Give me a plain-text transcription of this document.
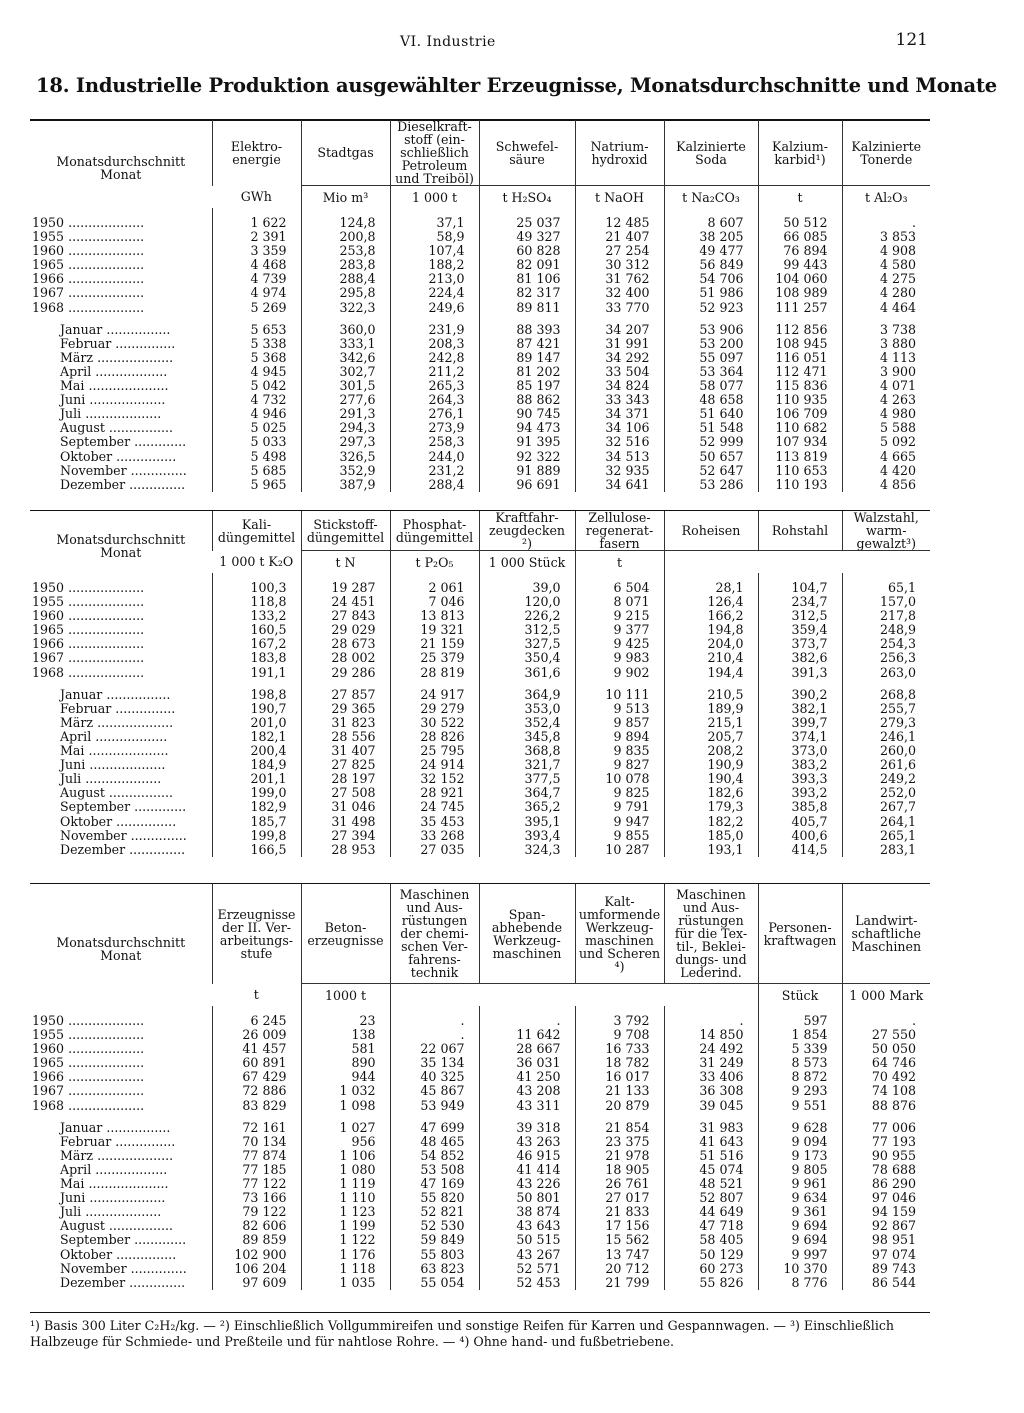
VI. Industrie	121
18. Industrielle Produktion ausgewählter Erzeugnisse, Monatsdurchschnitte und Monate
Monatsdurchschnitt
Monat	Elektro-energie	Stadtgas	Dieselkraft-stoff (ein-schließlich Petroleum und Treiböl)	Schwefel-säure	Natrium-hydroxid	Kalzinierte Soda	Kalzium-karbid¹)	Kalzinierte Tonerde
	GWh	Mio m³	1 000 t	t H₂SO₄	t NaOH	t Na₂CO₃	t	t Al₂O₃

1950 ...................	1 622	124,8	37,1	25 037	12 485	8 607	50 512	.
1955 ...................	2 391	200,8	58,9	49 327	21 407	38 205	66 085	3 853
1960 ...................	3 359	253,8	107,4	60 828	27 254	49 477	76 894	4 908
1965 ...................	4 468	283,8	188,2	82 091	30 312	56 849	99 443	4 580
1966 ...................	4 739	288,4	213,0	81 106	31 762	54 706	104 060	4 275
1967 ...................	4 974	295,8	224,4	82 317	32 400	51 986	108 989	4 280
1968 ...................	5 269	322,3	249,6	89 811	33 770	52 923	111 257	4 464

Januar ................	5 653	360,0	231,9	88 393	34 207	53 906	112 856	3 738
Februar ...............	5 338	333,1	208,3	87 421	31 991	53 200	108 945	3 880
März ...................	5 368	342,6	242,8	89 147	34 292	55 097	116 051	4 113
April ..................	4 945	302,7	211,2	81 202	33 504	53 364	112 471	3 900
Mai ....................	5 042	301,5	265,3	85 197	34 824	58 077	115 836	4 071
Juni ...................	4 732	277,6	264,3	88 862	33 343	48 658	110 935	4 263
Juli ...................	4 946	291,3	276,1	90 745	34 371	51 640	106 709	4 980
August ................	5 025	294,3	273,9	94 473	34 106	51 548	110 682	5 588
September .............	5 033	297,3	258,3	91 395	32 516	52 999	107 934	5 092
Oktober ...............	5 498	326,5	244,0	92 322	34 513	50 657	113 819	4 665
November ..............	5 685	352,9	231,2	91 889	32 935	52 647	110 653	4 420
Dezember ..............	5 965	387,9	288,4	96 691	34 641	53 286	110 193	4 856
Monatsdurchschnitt
Monat	Kali-düngemittel	Stickstoff-düngemittel	Phosphat-düngemittel	Kraftfahr-zeugdecken ²)	Zellulose-regenerat-fasern	Roheisen	Rohstahl	Walzstahl, warm-gewalzt³)
	1 000 t K₂O	t N	t P₂O₅	1 000 Stück	t			

1950 ...................	100,3	19 287	2 061	39,0	6 504	28,1	104,7	65,1
1955 ...................	118,8	24 451	7 046	120,0	8 071	126,4	234,7	157,0
1960 ...................	133,2	27 843	13 813	226,2	9 215	166,2	312,5	217,8
1965 ...................	160,5	29 029	19 321	312,5	9 377	194,8	359,4	248,9
1966 ...................	167,2	28 673	21 159	327,5	9 425	204,0	373,7	254,3
1967 ...................	183,8	28 002	25 379	350,4	9 983	210,4	382,6	256,3
1968 ...................	191,1	29 286	28 819	361,6	9 902	194,4	391,3	263,0

Januar ................	198,8	27 857	24 917	364,9	10 111	210,5	390,2	268,8
Februar ...............	190,7	29 365	29 279	353,0	9 513	189,9	382,1	255,7
März ...................	201,0	31 823	30 522	352,4	9 857	215,1	399,7	279,3
April ..................	182,1	28 556	28 826	345,8	9 894	205,7	374,1	246,1
Mai ....................	200,4	31 407	25 795	368,8	9 835	208,2	373,0	260,0
Juni ...................	184,9	27 825	24 914	321,7	9 827	190,9	383,2	261,6
Juli ...................	201,1	28 197	32 152	377,5	10 078	190,4	393,3	249,2
August ................	199,0	27 508	28 921	364,7	9 825	182,6	393,2	252,0
September .............	182,9	31 046	24 745	365,2	9 791	179,3	385,8	267,7
Oktober ...............	185,7	31 498	35 453	395,1	9 947	182,2	405,7	264,1
November ..............	199,8	27 394	33 268	393,4	9 855	185,0	400,6	265,1
Dezember ..............	166,5	28 953	27 035	324,3	10 287	193,1	414,5	283,1
Monatsdurchschnitt
Monat	Erzeugnisse der II. Ver-arbeitungs-stufe	Beton-erzeugnisse	Maschinen und Aus-rüstungen der chemi-schen Ver-fahrens-technik	Span-abhebende Werkzeug-maschinen	Kalt-umformende Werkzeug-maschinen und Scheren ⁴)	Maschinen und Aus-rüstungen für die Tex-til-, Beklei-dungs- und Lederind.	Personen-kraftwagen	Landwirt-schaftliche Maschinen
	t	1000 t					Stück	1 000 Mark

1950 ...................	6 245	23	.	.	3 792	.	597	.
1955 ...................	26 009	138	.	11 642	9 708	14 850	1 854	27 550
1960 ...................	41 457	581	22 067	28 667	16 733	24 492	5 339	50 050
1965 ...................	60 891	890	35 134	36 031	18 782	31 249	8 573	64 746
1966 ...................	67 429	944	40 325	41 250	16 017	33 406	8 872	70 492
1967 ...................	72 886	1 032	45 867	43 208	21 133	36 308	9 293	74 108
1968 ...................	83 829	1 098	53 949	43 311	20 879	39 045	9 551	88 876

Januar ................	72 161	1 027	47 699	39 318	21 854	31 983	9 628	77 006
Februar ...............	70 134	956	48 465	43 263	23 375	41 643	9 094	77 193
März ...................	77 874	1 106	54 852	46 915	21 978	51 516	9 173	90 955
April ..................	77 185	1 080	53 508	41 414	18 905	45 074	9 805	78 688
Mai ....................	77 122	1 119	47 169	43 226	26 761	48 521	9 961	86 290
Juni ...................	73 166	1 110	55 820	50 801	27 017	52 807	9 634	97 046
Juli ...................	79 122	1 123	52 821	38 874	21 833	44 649	9 361	94 159
August ................	82 606	1 199	52 530	43 643	17 156	47 718	9 694	92 867
September .............	89 859	1 122	59 849	50 515	15 562	58 405	9 694	98 951
Oktober ...............	102 900	1 176	55 803	43 267	13 747	50 129	9 997	97 074
November ..............	106 204	1 118	63 823	52 571	20 712	60 273	10 370	89 743
Dezember ..............	97 609	1 035	55 054	52 453	21 799	55 826	8 776	86 544
¹) Basis 300 Liter C₂H₂/kg. — ²) Einschließlich Vollgummireifen und sonstige Reifen für Karren und Gespannwagen. — ³) Einschließlich Halbzeuge für Schmiede- und Preßteile und für nahtlose Rohre. — ⁴) Ohne hand- und fußbetriebene.
